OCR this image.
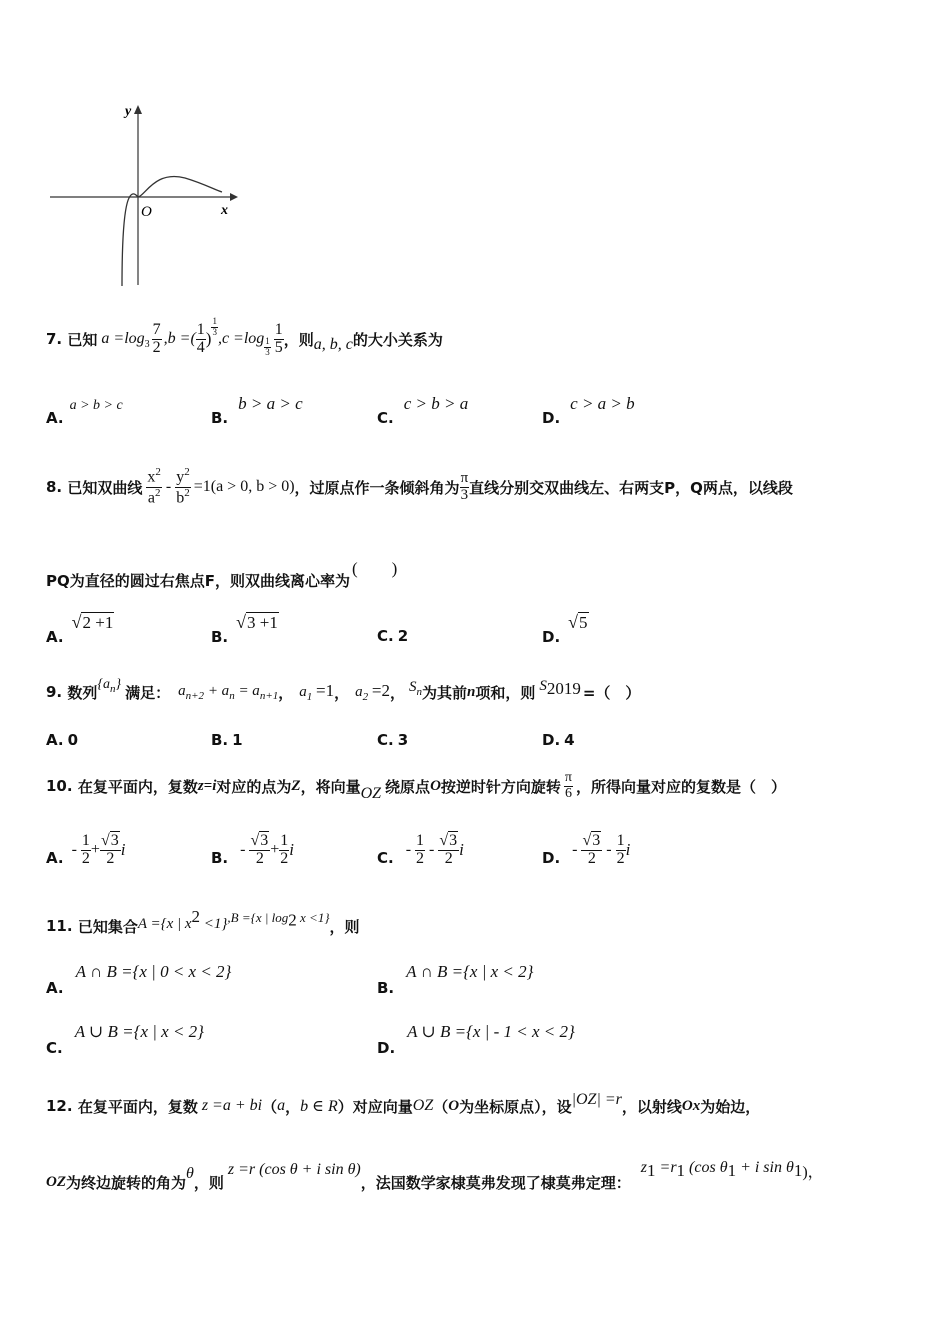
y
x
O
7.
已知 $a =\log_3 \frac{7}{2} ,b$ =( $\frac{1}{4}$ )
$\frac{1}{3}$
$,c =\log \frac{1}{3} \frac{1}{5}$ ，则 a, b, c 的大小关系为
A.a > b > c
B.b > a > c
C.c > b > a
D.c > a > b
8.
已知双曲线 $\frac{x^2}{a^2} - \frac{y^2}{b^2} =1(a > 0$, b > 0) ，过原点作一条倾斜角为 $\frac{\pi}{3}$ 直线分别交双曲线左、右两支P，Q两点，以线段
PQ为直径的圆过右焦点F，则双曲线离心率为
(　　)
A.√2 +1
B.√3 +1
C. 2	D.√5
9.
数列 $\{a_n\}$ 满足： $a_{n+2} + a_n = a_{n+1}$ ， $a_1 =1$ ， $a_2 =2$ ， $S_n$ 为其前 n 项和，则 $S_{2019}$ =（　）
A. 0	B. 1	C. 3	D. 4
10.
在复平面内，复数 z=i 对应的点为 Z ，将向量 OZ 绕原点 O 按逆时针方向旋转 $\frac{\pi}{6}$ ，所得向量对应的复数是（　）
A. - $\frac{1}{2} + \frac{√3}{2}$ i	B. - $\frac{√3}{2} + \frac{1}{2}$ i	C. - $\frac{1}{2} - \frac{√3}{2}$ i	D. - $\frac{√3}{2} - \frac{1}{2}$ i
11.
已知集合 A ={x | $x^2 <1$} ,B ={x | $\log_2 x <1$}
，则
A.A ∩ B ={x | 0 < x < 2}
B.A ∩ B ={x | x < 2}
C.A ∪ B ={x | x < 2}
D.A ∪ B ={x | - 1 < x < 2}
12.
在复平面内，复数 z =a + bi （ a ， b ∈ R ）对应向量 OZ （ O 为坐标原点），设 |OZ| =r ，以射线 Ox 为始边，
OZ 为终边旋转的角为 θ ，则
z =r (cos θ + i sin θ)
，法国数学家棣莫弗发现了棣莫弗定理：
$z_1 =r_1$ (cos $\theta_1 + i$ $\sin \theta_1$ )，
